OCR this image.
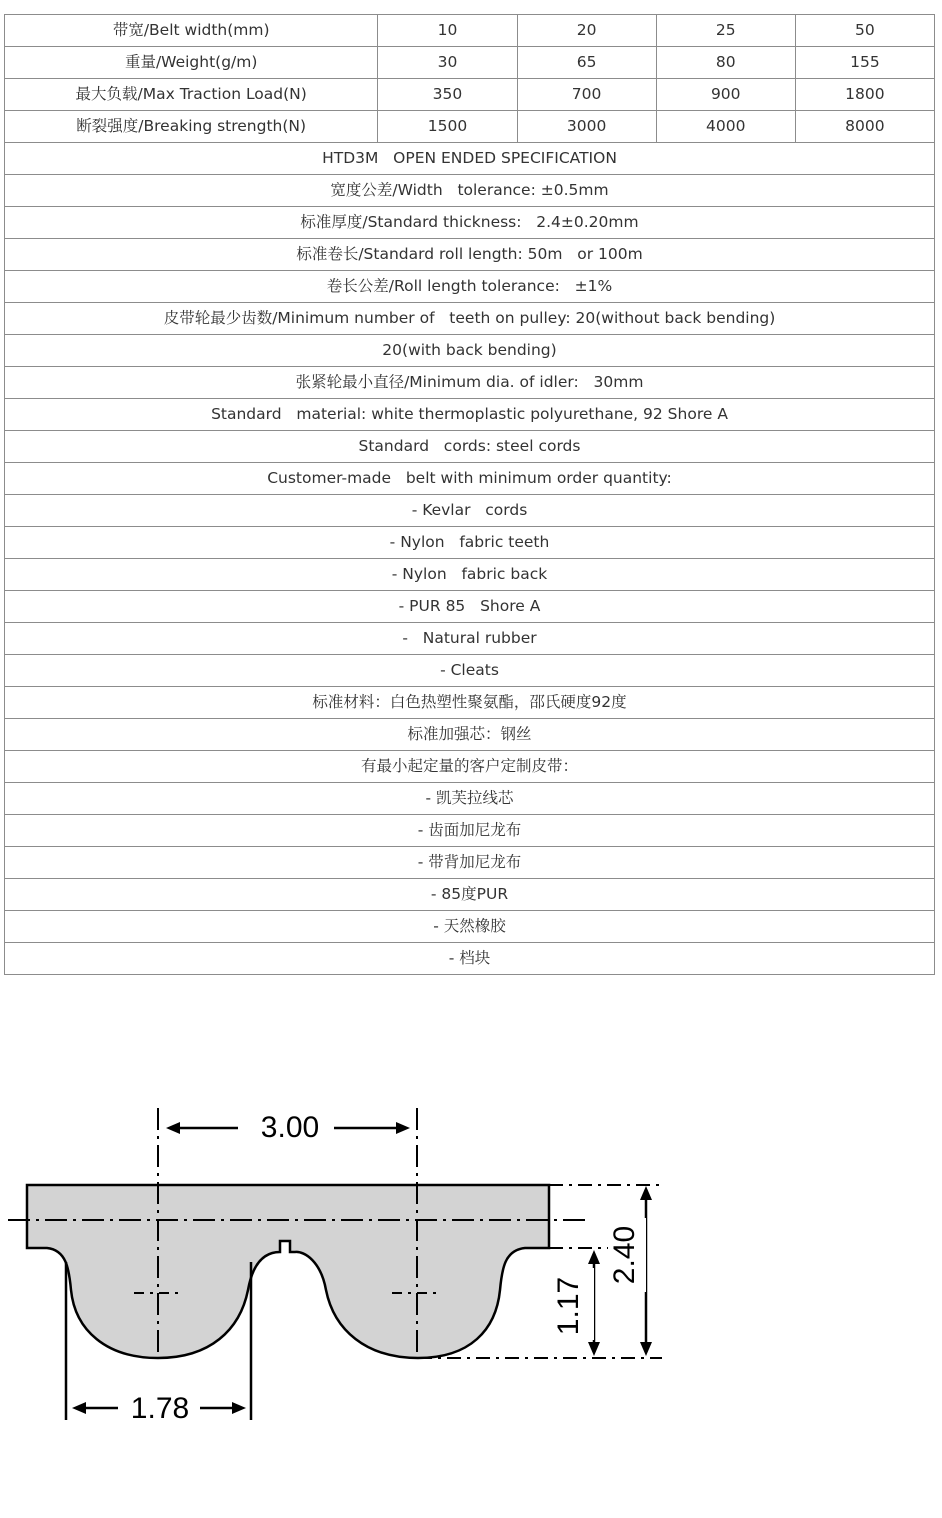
带宽/Belt width(mm)	10	20	25	50
重量/Weight(g/m)	30	65	80	155
最大负载/Max Traction Load(N)	350	700	900	1800
断裂强度/Breaking strength(N)	1500	3000	4000	8000
HTD3M   OPEN ENDED SPECIFICATION				
宽度公差/Width   tolerance: ±0.5mm				
标准厚度/Standard thickness:   2.4±0.20mm				
标准卷长/Standard roll length: 50m   or 100m				
卷长公差/Roll length tolerance:   ±1%				
皮带轮最少齿数/Minimum number of   teeth on pulley: 20(without back bending)				
20(with back bending)				
张紧轮最小直径/Minimum dia. of idler:   30mm				
Standard   material: white thermoplastic polyurethane, 92 Shore A				
Standard   cords: steel cords				
Customer-made   belt with minimum order quantity:				
- Kevlar   cords				
- Nylon   fabric teeth				
- Nylon   fabric back				
- PUR 85   Shore A				
-   Natural rubber				
- Cleats				
标准材料：白色热塑性聚氨酯，邵氏硬度92度				
标准加强芯：钢丝				
有最小起定量的客户定制皮带：				
- 凯芙拉线芯				
- 齿面加尼龙布				
- 带背加尼龙布				
- 85度PUR				
- 天然橡胶				
- 档块				
3.00
1.78
1.17
2.40
